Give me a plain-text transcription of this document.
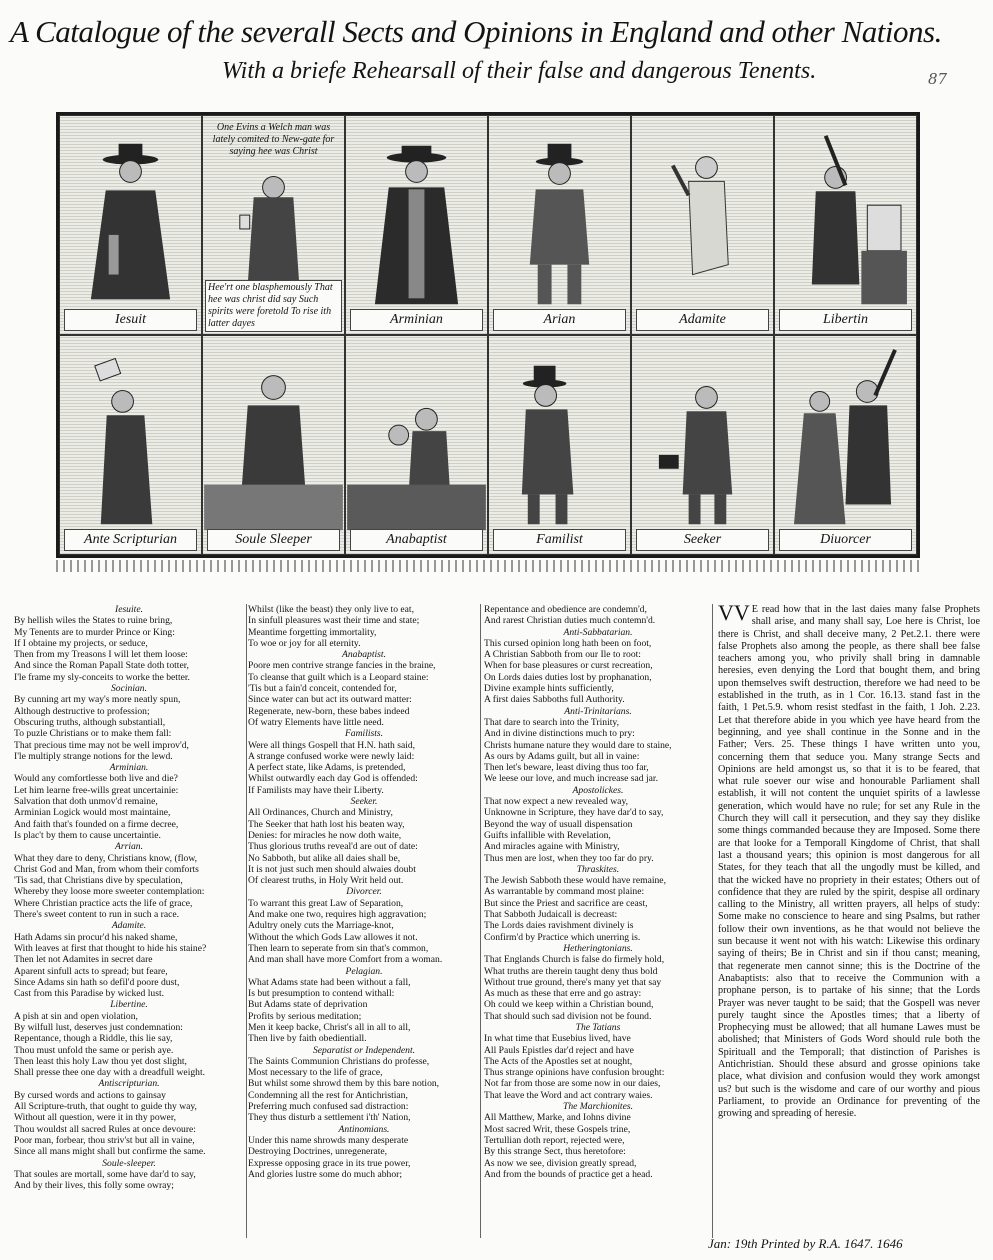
A Catalogue of the severall Sects and Opinions in England and other Nations.
With a briefe Rehearsall of their false and dangerous Tenents.	87
Iesuit
One Evins a Welch man was lately comited to New-gate for saying hee was Christ
Hee'rt one blasphemously That hee was christ did say Such spirits were foretold To rise ith latter dayes	Arminian	Arian	Adamite	Libertin
Ante Scripturian	Soule Sleeper	Anabaptist	Familist	Seeker	Diuorcer
Iesuite.
By hellish wiles the States to ruine bring,
My Tenents are to murder Prince or King:
If I obtaine my projects, or seduce,
Then from my Treasons I will let them loose:
And since the Roman Papall State doth totter,
I'le frame my sly-conceits to worke the better.
Socinian.
By cunning art my way's more neatly spun,
Although destructive to profession;
Obscuring truths, although substantiall,
To puzle Christians or to make them fall:
That precious time may not be well improv'd,
I'le multiply strange notions for the lewd.
Arminian.
Would any comfortlesse both live and die?
Let him learne free-wills great uncertainie:
Salvation that doth unmov'd remaine,
Arminian Logick would most maintaine,
And faith that's founded on a firme decree,
Is plac't by them to cause uncertaintie.
Arrian.
What they dare to deny, Christians know, (flow,
Christ God and Man, from whom their comforts
'Tis sad, that Christians dive by speculation,
Whereby they loose more sweeter contemplation:
Where Christian practice acts the life of grace,
There's sweet content to run in such a race.
Adamite.
Hath Adams sin procur'd his naked shame,
With leaves at first that thought to hide his staine?
Then let not Adamites in secret dare
Aparent sinfull acts to spread; but feare,
Since Adams sin hath so defil'd poore dust,
Cast from this Paradise by wicked lust.
Libertine.
A pish at sin and open violation,
By wilfull lust, deserves just condemnation:
Repentance, though a Riddle, this lie say,
Thou must unfold the same or perish aye.
Then least this holy Law thou yet dost slight,
Shall presse thee one day with a dreadfull weight.
Antiscripturian.
By cursed words and actions to gainsay
All Scripture-truth, that ought to guide thy way,
Without all question, were it in thy power,
Thou wouldst all sacred Rules at once devoure:
Poor man, forbear, thou striv'st but all in vaine,
Since all mans might shall but confirme the same.
Soule-sleeper.
That soules are mortall, some have dar'd to say,
And by their lives, this folly some owray;
Whilst (like the beast) they only live to eat,
In sinfull pleasures wast their time and state;
Meantime forgetting immortality,
To woe or joy for all eternity.
Anabaptist.
Poore men contrive strange fancies in the braine,
To cleanse that guilt which is a Leopard staine:
'Tis but a fain'd conceit, contended for,
Since water can but act its outward matter:
Regenerate, new-born, these babes indeed
Of watry Elements have little need.
Familists.
Were all things Gospell that H.N. hath said,
A strange confused worke were newly laid:
A perfect state, like Adams, is pretended,
Whilst outwardly each day God is offended:
If Familists may have their Liberty.
Seeker.
All Ordinances, Church and Ministry,
The Seeker that hath lost his beaten way,
Denies: for miracles he now doth waite,
Thus glorious truths reveal'd are out of date:
No Sabboth, but alike all daies shall be,
It is not just such men should alwaies doubt
Of clearest truths, in Holy Writ held out.
Divorcer.
To warrant this great Law of Separation,
And make one two, requires high aggravation;
Adultry onely cuts the Marriage-knot,
Without the which Gods Law allowes it not.
Then learn to seperate from sin that's common,
And man shall have more Comfort from a woman.
Pelagian.
What Adams state had been without a fall,
Is but presumption to contend withall:
But Adams state of deprivation
Profits by serious meditation;
Men it keep backe, Christ's all in all to all,
Then live by faith obedientiall.
Separatist or Independent.
The Saints Communion Christians do professe,
Most necessary to the life of grace,
But whilst some shrowd them by this bare notion,
Condemning all the rest for Antichristian,
Preferring much confused sad distraction:
They thus disturb a settlement i'th' Nation,
Antinomians.
Under this name shrowds many desperate
Destroying Doctrines, unregenerate,
Expresse opposing grace in its true power,
And glories lustre some do much abhor;
Repentance and obedience are condemn'd,
And rarest Christian duties much contemn'd.
Anti-Sabbatarian.
This cursed opinion long hath been on foot,
A Christian Sabboth from our Ile to root:
When for base pleasures or curst recreation,
On Lords daies duties lost by prophanation,
Divine example hints sufficiently,
A first daies Sabboths full Authority.
Anti-Trinitarians.
That dare to search into the Trinity,
And in divine distinctions much to pry:
Christs humane nature they would dare to staine,
As ours by Adams guilt, but all in vaine:
Then let's beware, least diving thus too far,
We leese our love, and much increase sad jar.
Apostolickes.
That now expect a new revealed way,
Unknowne in Scripture, they have dar'd to say,
Beyond the way of usuall dispensation
Guifts infallible with Revelation,
And miracles againe with Ministry,
Thus men are lost, when they too far do pry.
Thraskites.
The Jewish Sabboth these would have remaine,
As warrantable by command most plaine:
But since the Priest and sacrifice are ceast,
That Sabboth Judaicall is decreast:
The Lords daies ravishment divinely is
Confirm'd by Practice which unerring is.
Hetheringtonians.
That Englands Church is false do firmely hold,
What truths are therein taught deny thus bold
Without true ground, there's many yet that say
As much as these that erre and go astray:
Oh could we keep within a Christian bound,
That should such sad division not be found.
The Tatians
In what time that Eusebius lived, have
All Pauls Epistles dar'd reject and have
The Acts of the Apostles set at nought,
Thus strange opinions have confusion brought:
Not far from those are some now in our daies,
That leave the Word and act contrary waies.
The Marchionites.
All Matthew, Marke, and Iohns divine
Most sacred Writ, these Gospels trine,
Tertullian doth report, rejected were,
By this strange Sect, thus heretofore:
As now we see, division greatly spread,
And from the bounds of practice get a head.
VV E read how that in the last daies many false Prophets shall arise, and many shall say, Loe here is Christ, loe there is Christ, and shall deceive many, 2 Pet.2.1. there were false Prophets also among the people, as there shall bee false teachers among you, who privily shall bring in damnable heresies, even denying the Lord that bought them, and bring upon themselves swift destruction, therefore we had need to be established in the truth, as in 1 Cor. 16.13. stand fast in the faith, 1 Pet.5.9. whom resist stedfast in the faith, 1 Joh. 2.23. Let that therefore abide in you which yee have heard from the beginning, and yee shall continue in the Sonne and in the Father; Vers. 25. These things I have written unto you, concerning them that seduce you. Many strange Sects and Opinions are held amongst us, so that it is to be feared, that what rule soever our wise and honourable Parliament shall establish, it will not content the unquiet spirits of a lawlesse generation, which would have no rule; for set any Rule in the Church they will call it persecution, and they say they dislike some things commanded because they are Imposed. Some there are that looke for a Temporall Kingdome of Christ, that shall last a thousand years; this opinion is most dangerous for all States, for they teach that all the ungodly must be killed, and that the wicked have no propriety in their estates; Others out of confidence that they are ruled by the spirit, despise all ordinary calling to the Ministry, all written prayers, all helps of study: Some make no conscience to heare and sing Psalms, but rather follow their own inventions, as he that would not believe the sun because it went not with his watch: Likewise this ordinary saying of theirs; Be in Christ and sin if thou canst; meaning, that regenerate men cannot sinne; this is the Doctrine of the Anabaptists: also that to receive the Communion with a prophane person, is to partake of his sinne; that the Lords Prayer was never taught to be said; that the Gospell was never purely taught since the Apostles times; that a liberty of Prophecying must be allowed; that all humane Lawes must be abolished; that Ministers of Gods Word should rule both the Spirituall and the Temporall; that distinction of Parishes is Antichristian. Should these absurd and grosse opinions take place, what division and confusion would they work amongst us? but such is the wisdome and care of our worthy and pious Parliament, to provide an Ordinance for preventing of the growing and spreading of heresie.
Jan: 19th Printed by R.A. 1647. 1646
